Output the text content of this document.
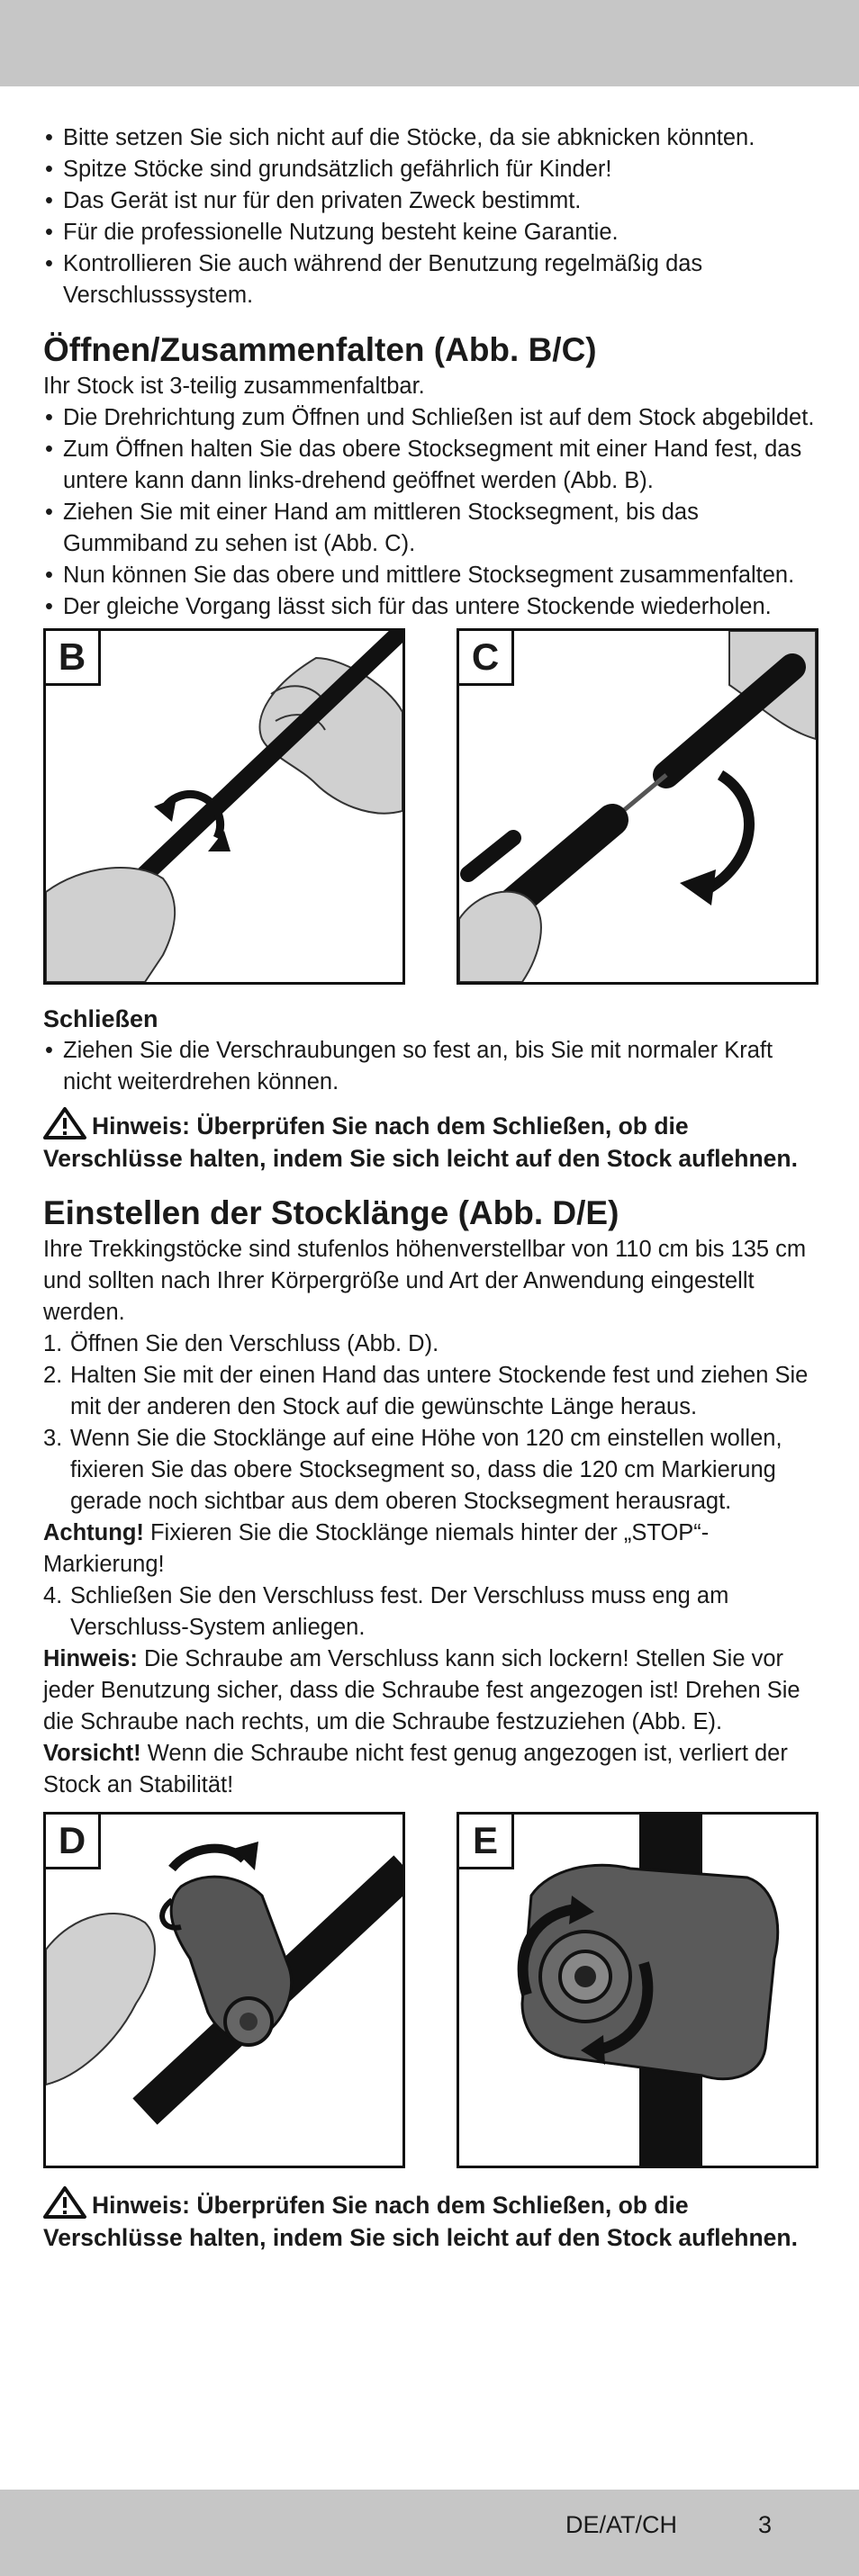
• Bitte setzen Sie sich nicht auf die Stöcke, da sie abknicken könnten.
• Spitze Stöcke sind grundsätzlich gefährlich für Kinder!
• Das Gerät ist nur für den privaten Zweck bestimmt.
• Für die professionelle Nutzung besteht keine Garantie.
• Kontrollieren Sie auch während der Benutzung regelmäßig das Verschlusssystem.
Öffnen/Zusammenfalten (Abb. B/C)

Ihr Stock ist 3-teilig zusammenfaltbar.

• Die Drehrichtung zum Öffnen und Schließen ist auf dem Stock abgebildet.
• Zum Öffnen halten Sie das obere Stocksegment mit einer Hand fest, das untere kann dann links-drehend geöffnet werden (Abb. B).
• Ziehen Sie mit einer Hand am mittleren Stocksegment, bis das Gummiband zu sehen ist (Abb. C).
• Nun können Sie das obere und mittlere Stocksegment zusammenfalten.
• Der gleiche Vorgang lässt sich für das untere Stockende wiederholen.
B	C
Schließen
• Ziehen Sie die Verschraubungen so fest an, bis Sie mit normaler Kraft nicht weiterdrehen können.

Hinweis: Überprüfen Sie nach dem Schließen, ob die Verschlüsse halten, indem Sie sich leicht auf den Stock auflehnen.

Einstellen der Stocklänge (Abb. D/E)

Ihre Trekkingstöcke sind stufenlos höhenverstellbar von 110 cm bis 135 cm und sollten nach Ihrer Körpergröße und Art der Anwendung eingestellt werden.

1. Öffnen Sie den Verschluss (Abb. D).
2. Halten Sie mit der einen Hand das untere Stockende fest und ziehen Sie mit der anderen den Stock auf die gewünschte Länge heraus.
3. Wenn Sie die Stocklänge auf eine Höhe von 120 cm einstellen wollen, fixieren Sie das obere Stocksegment so, dass die 120 cm Markierung gerade noch sichtbar aus dem oberen Stocksegment herausragt.

Achtung! Fixieren Sie die Stocklänge niemals hinter der „STOP“-Markierung!

4. Schließen Sie den Verschluss fest. Der Verschluss muss eng am Verschluss-System anliegen.

Hinweis: Die Schraube am Verschluss kann sich lockern! Stellen Sie vor jeder Benutzung sicher, dass die Schraube fest angezogen ist! Drehen Sie die Schraube nach rechts, um die Schraube festzuziehen (Abb. E).

Vorsicht! Wenn die Schraube nicht fest genug angezogen ist, verliert der Stock an Stabilität!

D	E

Hinweis: Überprüfen Sie nach dem Schließen, ob die Verschlüsse halten, indem Sie sich leicht auf den Stock auflehnen.

DE/AT/CH	3
